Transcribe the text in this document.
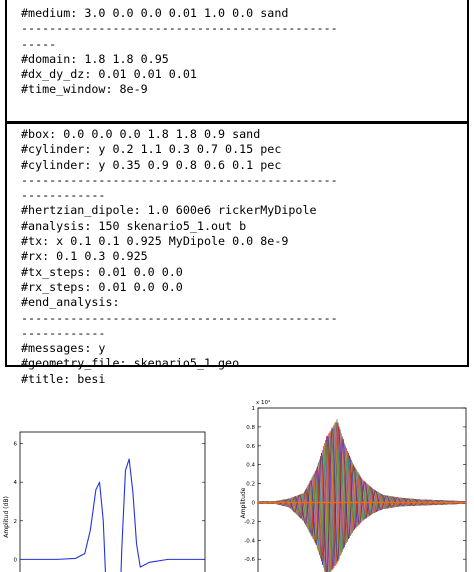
#medium: 3.0 0.0 0.0 0.01 1.0 0.0 sand
---------------------------------------------
-----
#domain: 1.8 1.8 0.95
#dx_dy_dz: 0.01 0.01 0.01
#time_window: 8e-9
#box: 0.0 0.0 0.0 1.8 1.8 0.9 sand
#cylinder: y 0.2 1.1 0.3 0.7 0.15 pec
#cylinder: y 0.35 0.9 0.8 0.6 0.1 pec
---------------------------------------------
------------
#hertzian_dipole: 1.0 600e6 rickerMyDipole
#analysis: 150 skenario5_1.out b
#tx: x 0.1 0.1 0.925 MyDipole 0.0 8e-9
#rx: 0.1 0.3 0.925
#tx_steps: 0.01 0.0 0.0
#rx_steps: 0.01 0.0 0.0
#end_analysis:
---------------------------------------------
------------
#messages: y
#geometry_file: skenario5_1.geo
#title: besi
6
4
2
0
Amplitud (dB)
x 10⁴
1
0.8
0.6
0.4
0.2
0
-0.2
-0.4
-0.6
Amplitude
